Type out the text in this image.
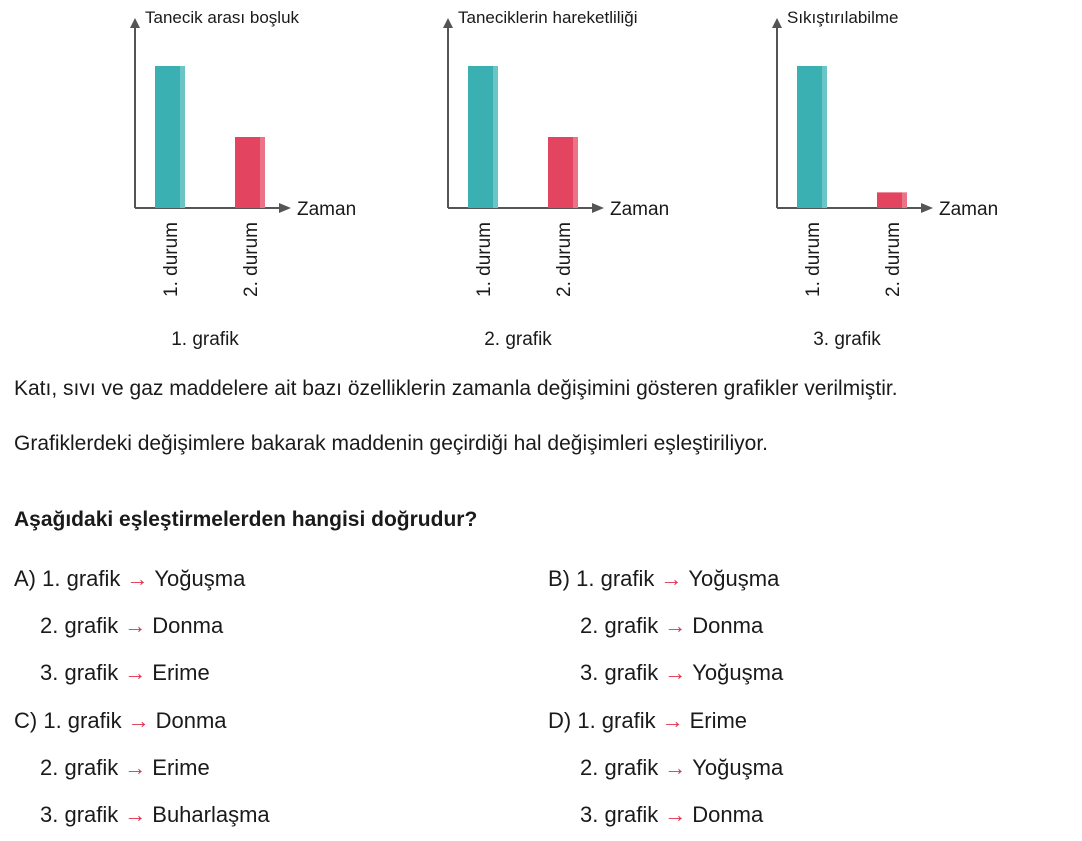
Tanecik arası boşluk
Zaman
1. durum	2. durum
1. grafik
Taneciklerin hareketliliği
Zaman
1. durum	2. durum
2. grafik
Sıkıştırılabilme
Zaman
1. durum	2. durum
3. grafik
Katı, sıvı ve gaz maddelere ait bazı özelliklerin zamanla değişimini gösteren grafikler verilmiştir.
Grafiklerdeki değişimlere bakarak maddenin geçirdiği hal değişimleri eşleştiriliyor.
Aşağıdaki eşleştirmelerden hangisi doğrudur?
A) 1. grafik → Yoğuşma
2. grafik → Donma
3. grafik → Erime
B) 1. grafik → Yoğuşma
2. grafik → Donma
3. grafik → Yoğuşma
C) 1. grafik → Donma
2. grafik → Erime
3. grafik → Buharlaşma
D) 1. grafik → Erime
2. grafik → Yoğuşma
3. grafik → Donma
